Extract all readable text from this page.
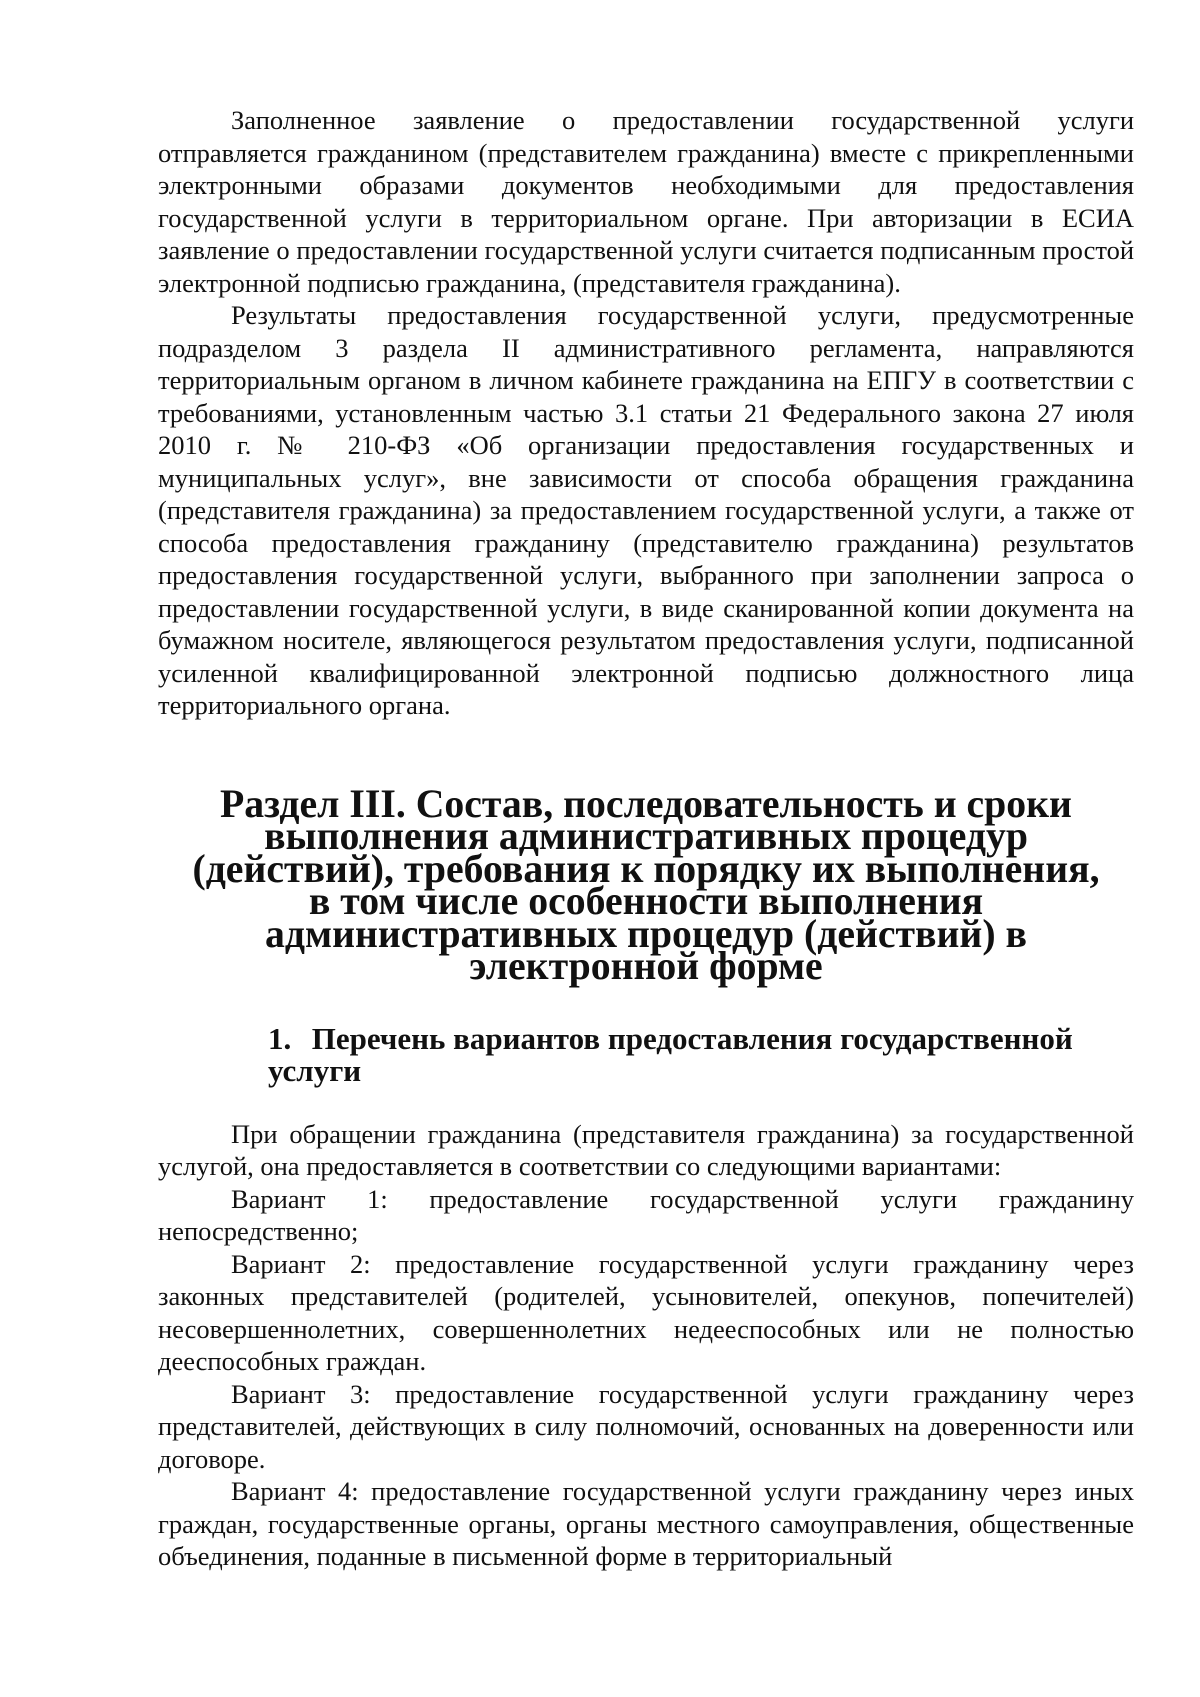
Заполненное заявление о предоставлении государственной услуги отправляется гражданином (представителем гражданина) вместе с прикрепленными электронными образами документов необходимыми для предоставления государственной услуги в территориальном органе. При авторизации в ЕСИА заявление о предоставлении государственной услуги считается подписанным простой электронной подписью гражданина, (представителя гражданина).

Результаты предоставления государственной услуги, предусмотренные подразделом 3 раздела II административного регламента, направляются территориальным органом в личном кабинете гражданина на ЕПГУ в соответствии с требованиями, установленным частью 3.1 статьи 21 Федерального закона 27 июля 2010 г. № 210-ФЗ «Об организации предоставления государственных и муниципальных услуг», вне зависимости от способа обращения гражданина (представителя гражданина) за предоставлением государственной услуги, а также от способа предоставления гражданину (представителю гражданина) результатов предоставления государственной услуги, выбранного при заполнении запроса о предоставлении государственной услуги, в виде сканированной копии документа на бумажном носителе, являющегося результатом предоставления услуги, подписанной усиленной квалифицированной электронной подписью должностного лица территориального органа.

Раздел III. Состав, последовательность и сроки выполнения административных процедур (действий), требования к порядку их выполнения, в том числе особенности выполнения административных процедур (действий) в электронной форме
1. Перечень вариантов предоставления государственной услуги

При обращении гражданина (представителя гражданина) за государственной услугой, она предоставляется в соответствии со следующими вариантами:

Вариант 1: предоставление государственной услуги гражданину непосредственно;

Вариант 2: предоставление государственной услуги гражданину через законных представителей (родителей, усыновителей, опекунов, попечителей) несовершеннолетних, совершеннолетних недееспособных или не полностью дееспособных граждан.

Вариант 3: предоставление государственной услуги гражданину через представителей, действующих в силу полномочий, основанных на доверенности или договоре.

Вариант 4: предоставление государственной услуги гражданину через иных граждан, государственные органы, органы местного самоуправления, общественные объединения, поданные в письменной форме в территориальный
